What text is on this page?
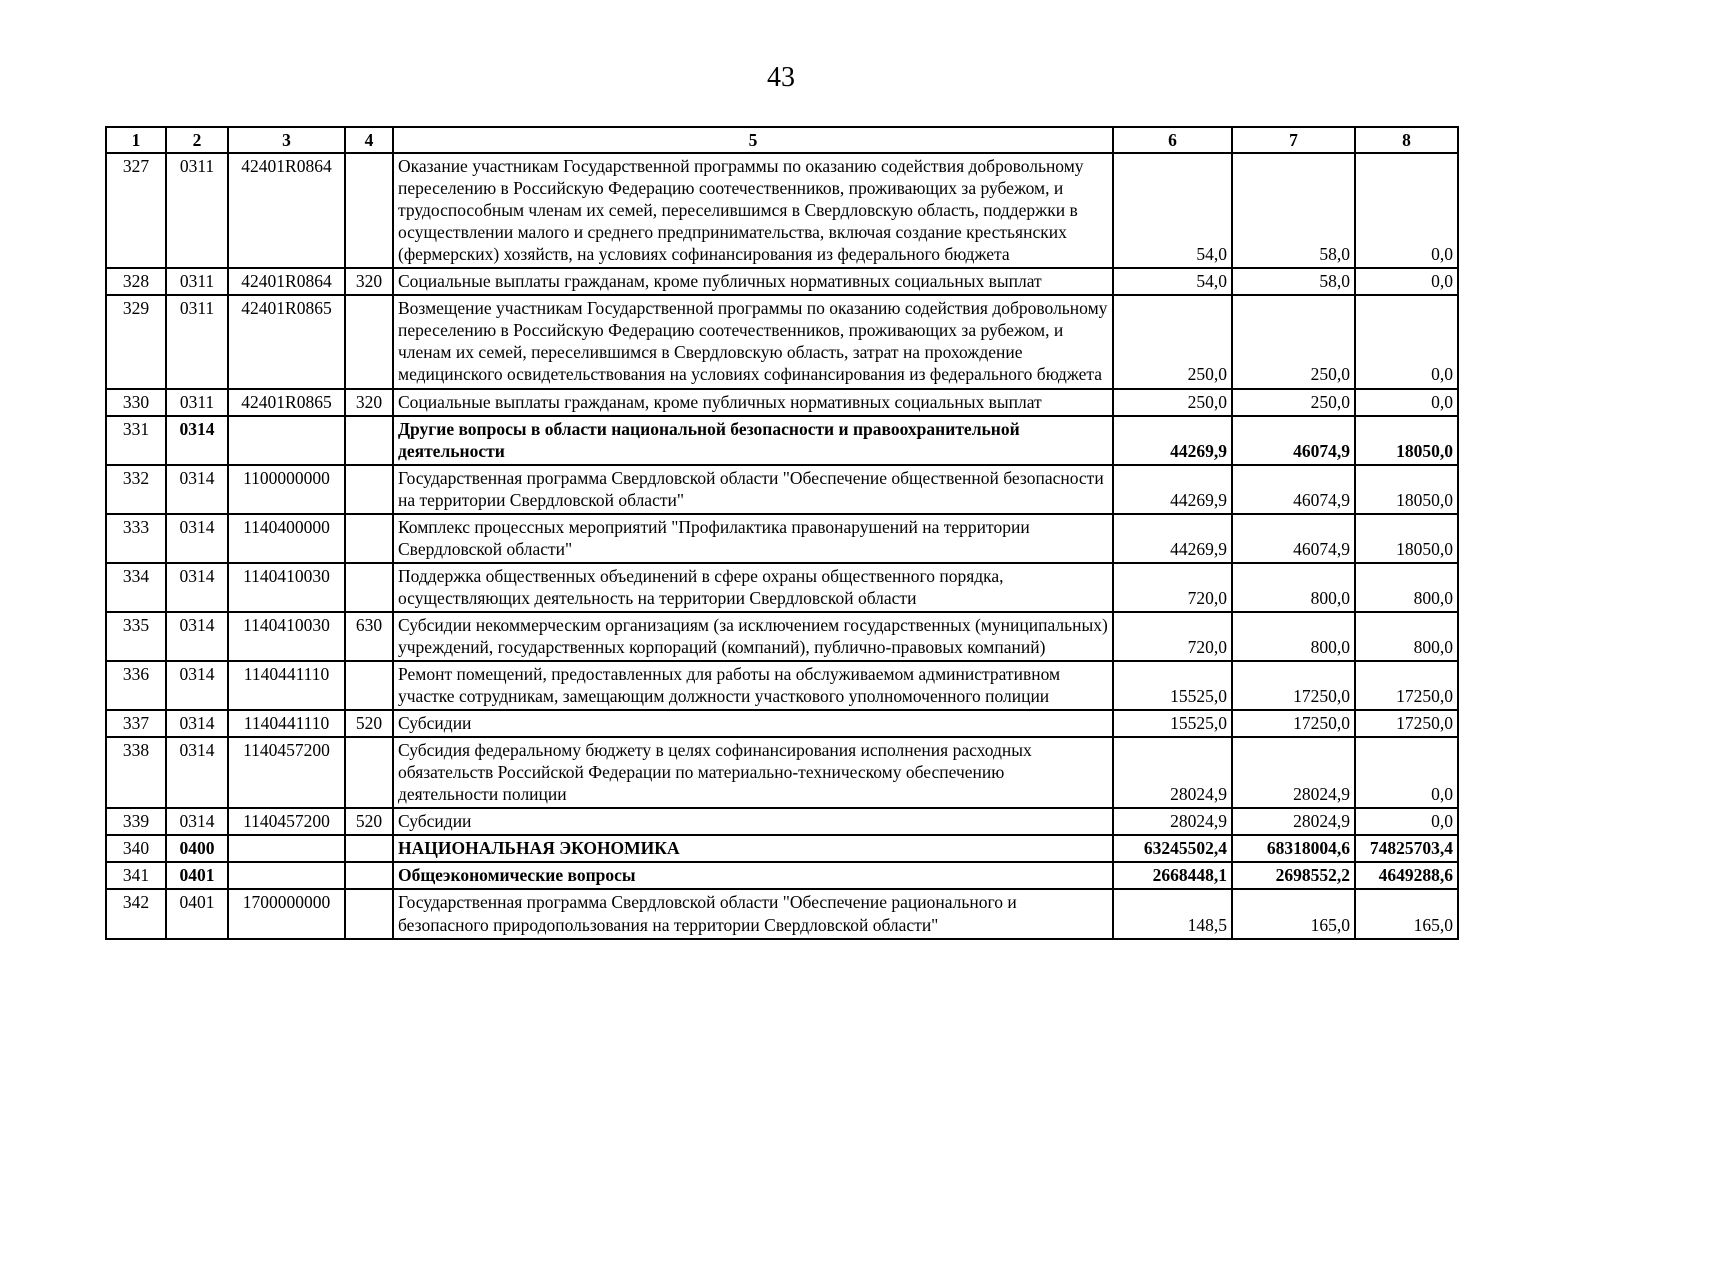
43
1	2	3	4	5	6	7	8
327	0311	42401R0864		Оказание участникам Государственной программы по оказанию содействия добровольному переселению в Российскую Федерацию соотечественников, проживающих за рубежом, и трудоспособным членам их семей, переселившимся в Свердловскую область, поддержки в осуществлении малого и среднего предпринимательства, включая создание крестьянских (фермерских) хозяйств, на условиях софинансирования из федерального бюджета	54,0	58,0	0,0
328	0311	42401R0864	320	Социальные выплаты гражданам, кроме публичных нормативных социальных выплат	54,0	58,0	0,0
329	0311	42401R0865		Возмещение участникам Государственной программы по оказанию содействия добровольному переселению в Российскую Федерацию соотечественников, проживающих за рубежом, и членам их семей, переселившимся в Свердловскую область, затрат на прохождение медицинского освидетельствования на условиях софинансирования из федерального бюджета	250,0	250,0	0,0
330	0311	42401R0865	320	Социальные выплаты гражданам, кроме публичных нормативных социальных выплат	250,0	250,0	0,0
331	0314			Другие вопросы в области национальной безопасности и правоохранительной деятельности	44269,9	46074,9	18050,0
332	0314	1100000000		Государственная программа Свердловской области "Обеспечение общественной безопасности на территории Свердловской области"	44269,9	46074,9	18050,0
333	0314	1140400000		Комплекс процессных мероприятий "Профилактика правонарушений на территории Свердловской области"	44269,9	46074,9	18050,0
334	0314	1140410030		Поддержка общественных объединений в сфере охраны общественного порядка, осуществляющих деятельность на территории Свердловской области	720,0	800,0	800,0
335	0314	1140410030	630	Субсидии некоммерческим организациям (за исключением государственных (муниципальных) учреждений, государственных корпораций (компаний), публично-правовых компаний)	720,0	800,0	800,0
336	0314	1140441110		Ремонт помещений, предоставленных для работы на обслуживаемом административном участке сотрудникам, замещающим должности участкового уполномоченного полиции	15525,0	17250,0	17250,0
337	0314	1140441110	520	Субсидии	15525,0	17250,0	17250,0
338	0314	1140457200		Субсидия федеральному бюджету в целях софинансирования исполнения расходных обязательств Российской Федерации по материально-техническому обеспечению деятельности полиции	28024,9	28024,9	0,0
339	0314	1140457200	520	Субсидии	28024,9	28024,9	0,0
340	0400			НАЦИОНАЛЬНАЯ ЭКОНОМИКА	63245502,4	68318004,6	74825703,4
341	0401			Общеэкономические вопросы	2668448,1	2698552,2	4649288,6
342	0401	1700000000		Государственная программа Свердловской области "Обеспечение рационального и безопасного природопользования на территории Свердловской области"	148,5	165,0	165,0
